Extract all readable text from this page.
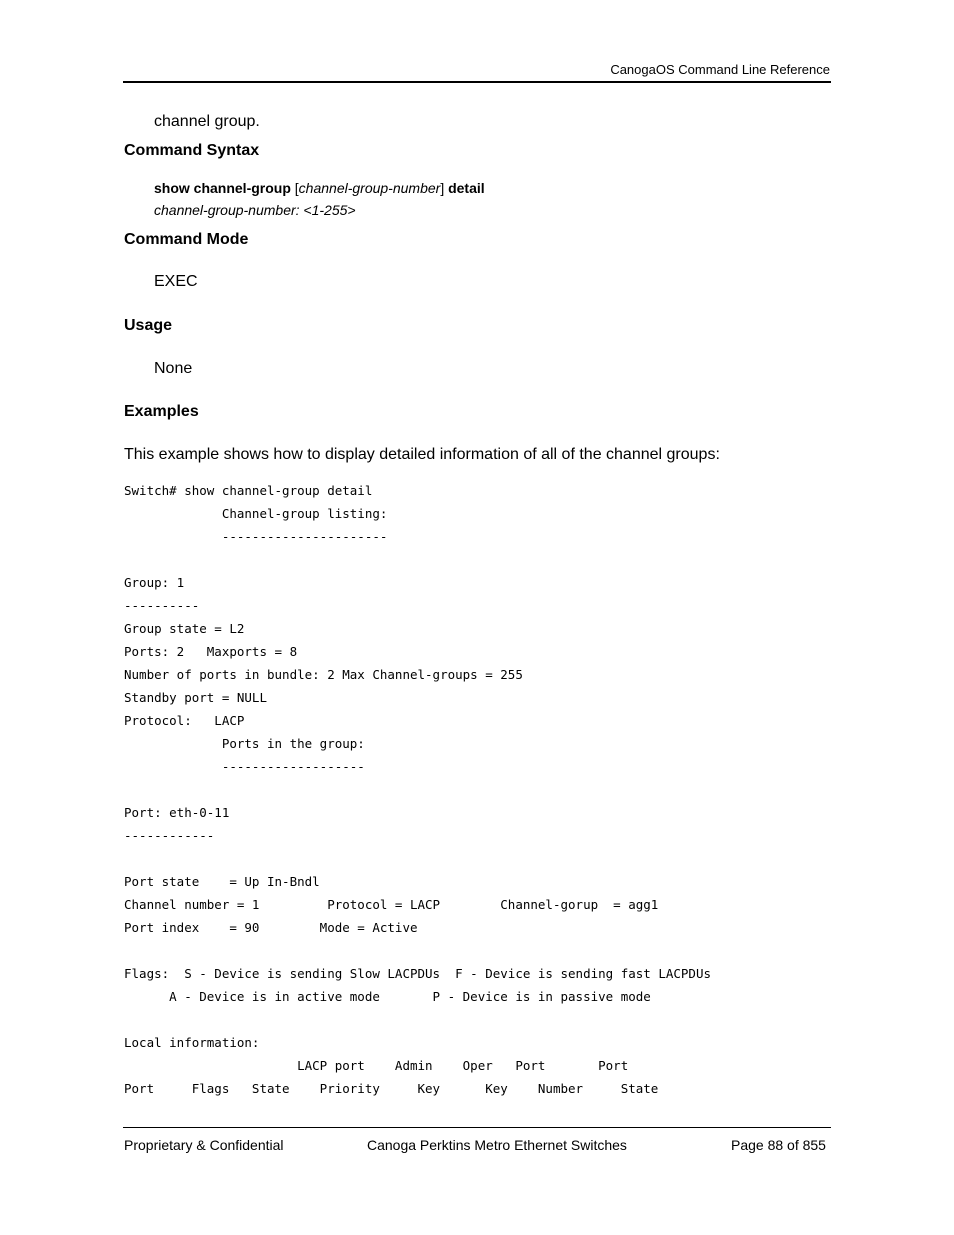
CanogaOS Command Line Reference
channel group.
Command Syntax
show channel-group [channel-group-number] detail
channel-group-number: <1-255>
Command Mode
EXEC
Usage
None
Examples
This example shows how to display detailed information of all of the channel groups:
Switch# show channel-group detail
Channel-group listing:
----------------------

Group: 1
----------
Group state = L2
Ports: 2   Maxports = 8
Number of ports in bundle: 2 Max Channel-groups = 255
Standby port = NULL
Protocol:   LACP
Ports in the group:
-------------------

Port: eth-0-11
------------

Port state    = Up In-Bndl
Channel number = 1         Protocol = LACP        Channel-gorup  = agg1
Port index    = 90        Mode = Active

Flags:  S - Device is sending Slow LACPDUs  F - Device is sending fast LACPDUs
A - Device is in active mode       P - Device is in passive mode

Local information:
LACP port    Admin    Oper   Port       Port
Port     Flags   State    Priority     Key      Key    Number     State
Proprietary & Confidential	Canoga Perktins Metro Ethernet Switches	Page 88 of 855
